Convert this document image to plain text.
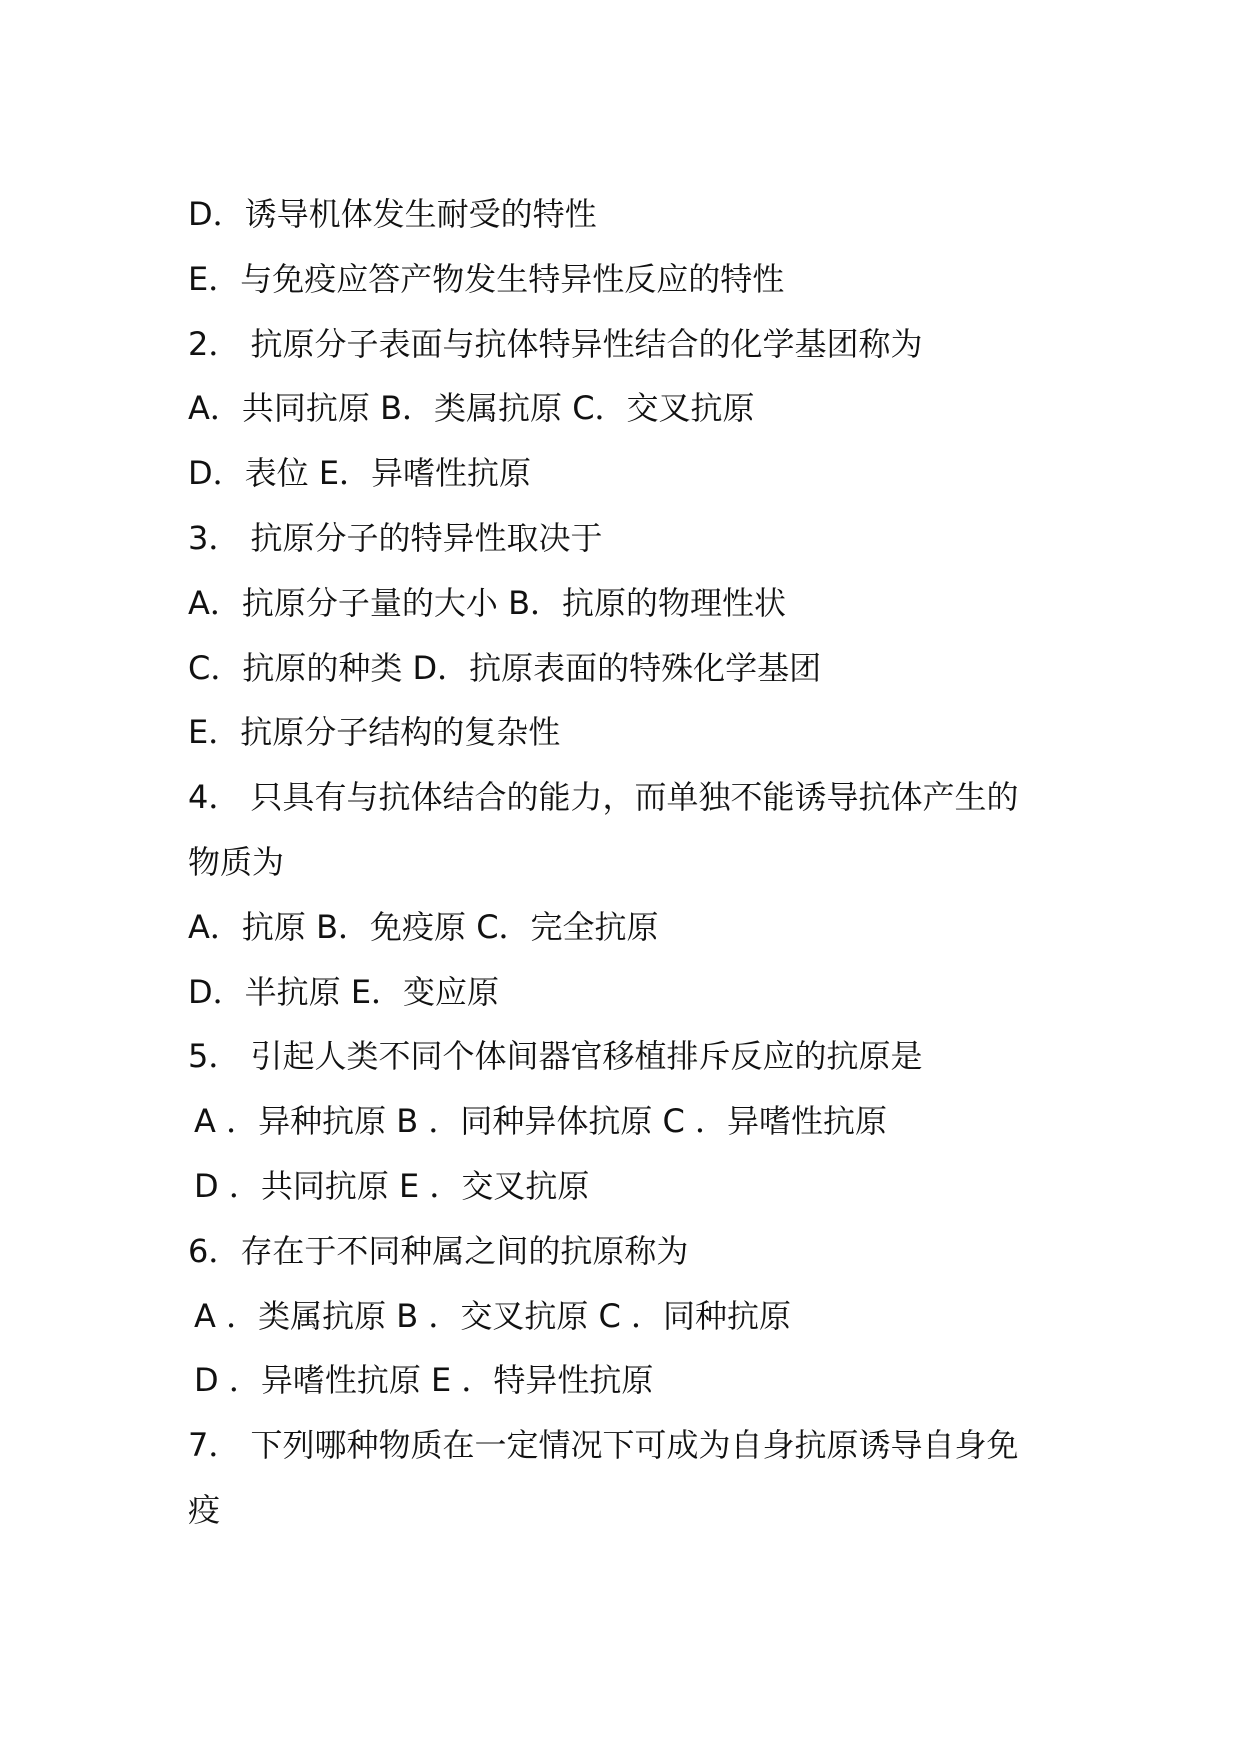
D．诱导机体发生耐受的特性
E．与免疫应答产物发生特异性反应的特性
2． 抗原分子表面与抗体特异性结合的化学基团称为
A．共同抗原 B．类属抗原 C．交叉抗原
D．表位 E．异嗜性抗原
3． 抗原分子的特异性取决于
A．抗原分子量的大小 B．抗原的物理性状
C．抗原的种类 D．抗原表面的特殊化学基团
E．抗原分子结构的复杂性
4． 只具有与抗体结合的能力，而单独不能诱导抗体产生的
物质为
A．抗原 B．免疫原 C．完全抗原
D．半抗原 E．变应原
5． 引起人类不同个体间器官移植排斥反应的抗原是
A ．异种抗原 B ．同种异体抗原 C ．异嗜性抗原
D ．共同抗原 E ．交叉抗原
6．存在于不同种属之间的抗原称为
A ．类属抗原 B ．交叉抗原 C ．同种抗原
D ．异嗜性抗原 E ．特异性抗原
7． 下列哪种物质在一定情况下可成为自身抗原诱导自身免
疫
